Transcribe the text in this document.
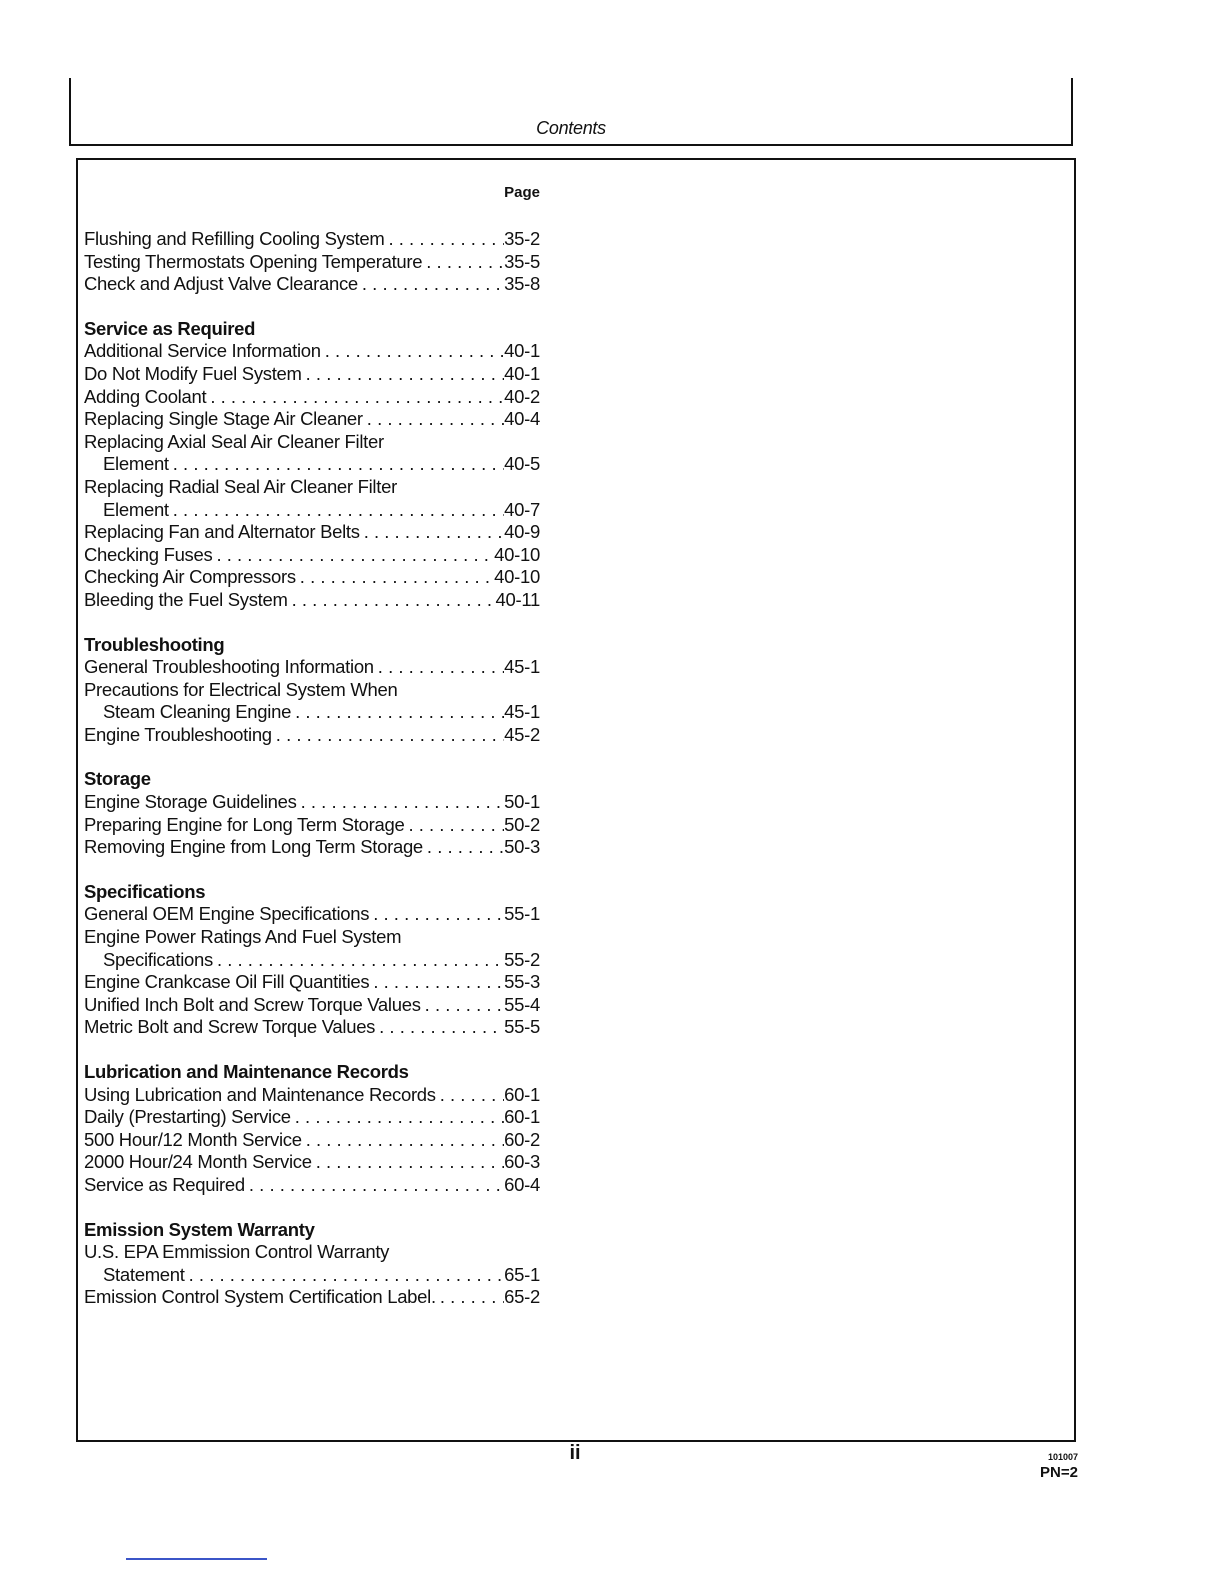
Contents
Page
Flushing and Refilling Cooling System . . .	35-2
Testing Thermostats Opening Temperature . . .	35-5
Check and Adjust Valve Clearance . . .	35-8
Service as Required
Additional Service Information . . .	40-1
Do Not Modify Fuel System . . .	40-1
Adding Coolant . . .	40-2
Replacing Single Stage Air Cleaner . . .	40-4
Replacing Axial Seal Air Cleaner Filter
Element . . .	40-5
Replacing Radial Seal Air Cleaner Filter
Element . . .	40-7
Replacing Fan and Alternator Belts . . .	40-9
Checking Fuses . . .	40-10
Checking Air Compressors . . .	40-10
Bleeding the Fuel System . . .	40-11
Troubleshooting
General Troubleshooting Information . . .	45-1
Precautions for Electrical System When
Steam Cleaning Engine . . .	45-1
Engine Troubleshooting . . .	45-2
Storage
Engine Storage Guidelines . . .	50-1
Preparing Engine for Long Term Storage . . .	50-2
Removing Engine from Long Term Storage . . .	50-3
Specifications
General OEM Engine Specifications . . .	55-1
Engine Power Ratings And Fuel System
Specifications . . .	55-2
Engine Crankcase Oil Fill Quantities . . .	55-3
Unified Inch Bolt and Screw Torque Values . . .	55-4
Metric Bolt and Screw Torque Values . . .	55-5
Lubrication and Maintenance Records
Using Lubrication and Maintenance Records . . .	60-1
Daily (Prestarting) Service . . .	60-1
500 Hour/12 Month Service . . .	60-2
2000 Hour/24 Month Service . . .	60-3
Service as Required . . .	60-4
Emission System Warranty
U.S. EPA Emmission Control Warranty
Statement . . .	65-1
Emission Control System Certification Label. . . .	65-2
ii	101007
PN=2
